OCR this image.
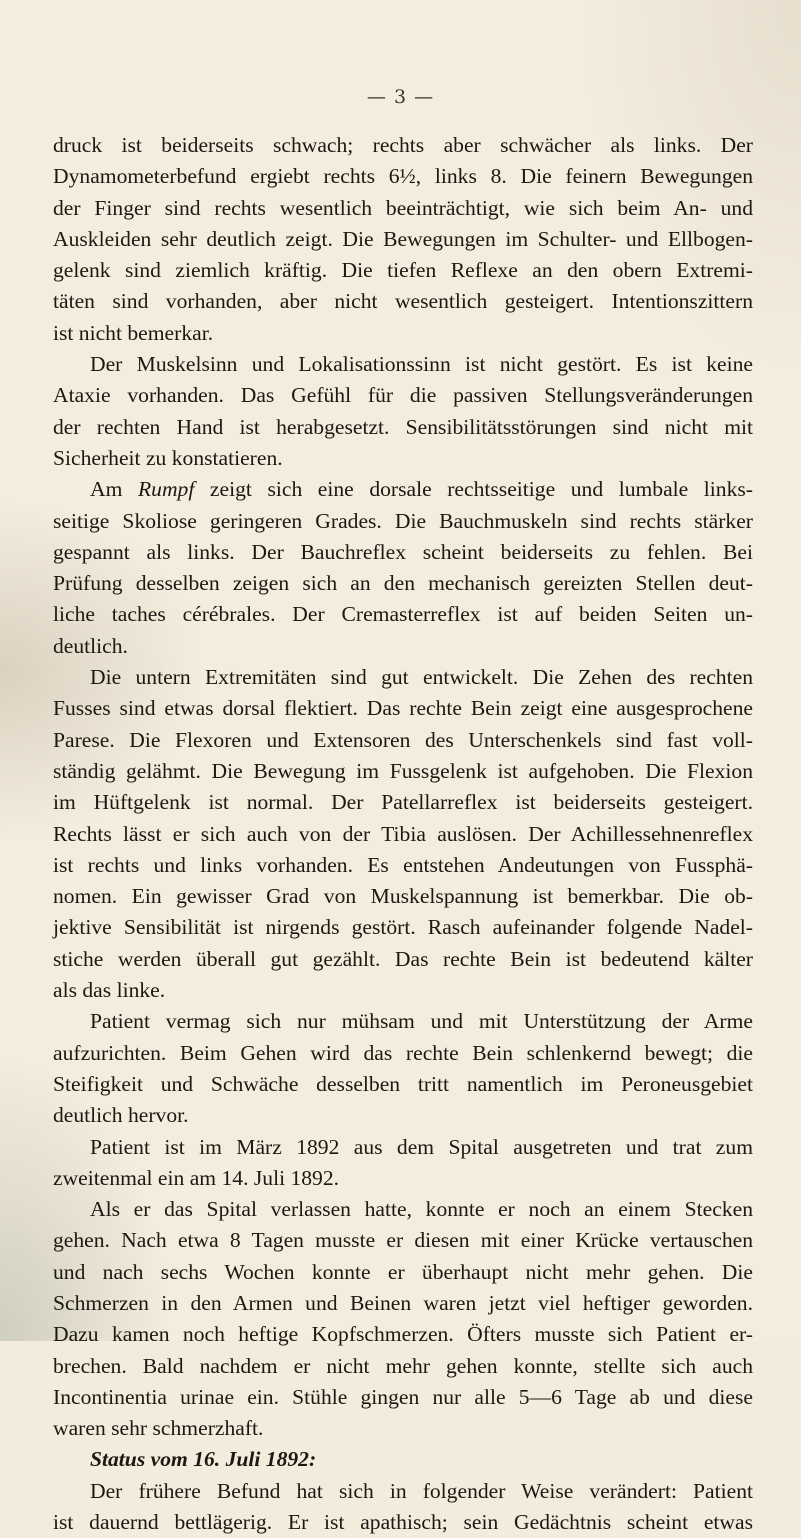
— 3 —

druck ist beiderseits schwach; rechts aber schwächer als links. Der

Dynamometerbefund ergiebt rechts 6½, links 8. Die feinern Bewegungen

der Finger sind rechts wesentlich beeinträchtigt, wie sich beim An- und

Auskleiden sehr deutlich zeigt. Die Bewegungen im Schulter- und Ellbogen-

gelenk sind ziemlich kräftig. Die tiefen Reflexe an den obern Extremi-

täten sind vorhanden, aber nicht wesentlich gesteigert. Intentionszittern

ist nicht bemerkar.

Der Muskelsinn und Lokalisationssinn ist nicht gestört. Es ist keine

Ataxie vorhanden. Das Gefühl für die passiven Stellungsveränderungen

der rechten Hand ist herabgesetzt. Sensibilitätsstörungen sind nicht mit

Sicherheit zu konstatieren.

Am Rumpf zeigt sich eine dorsale rechtsseitige und lumbale links-

seitige Skoliose geringeren Grades. Die Bauchmuskeln sind rechts stärker

gespannt als links. Der Bauchreflex scheint beiderseits zu fehlen. Bei

Prüfung desselben zeigen sich an den mechanisch gereizten Stellen deut-

liche taches cérébrales. Der Cremasterreflex ist auf beiden Seiten un-

deutlich.

Die untern Extremitäten sind gut entwickelt. Die Zehen des rechten

Fusses sind etwas dorsal flektiert. Das rechte Bein zeigt eine ausgesprochene

Parese. Die Flexoren und Extensoren des Unterschenkels sind fast voll-

ständig gelähmt. Die Bewegung im Fussgelenk ist aufgehoben. Die Flexion

im Hüftgelenk ist normal. Der Patellarreflex ist beiderseits gesteigert.

Rechts lässt er sich auch von der Tibia auslösen. Der Achillessehnenreflex

ist rechts und links vorhanden. Es entstehen Andeutungen von Fussphä-

nomen. Ein gewisser Grad von Muskelspannung ist bemerkbar. Die ob-

jektive Sensibilität ist nirgends gestört. Rasch aufeinander folgende Nadel-

stiche werden überall gut gezählt. Das rechte Bein ist bedeutend kälter

als das linke.

Patient vermag sich nur mühsam und mit Unterstützung der Arme

aufzurichten. Beim Gehen wird das rechte Bein schlenkernd bewegt; die

Steifigkeit und Schwäche desselben tritt namentlich im Peroneusgebiet

deutlich hervor.

Patient ist im März 1892 aus dem Spital ausgetreten und trat zum

zweitenmal ein am 14. Juli 1892.

Als er das Spital verlassen hatte, konnte er noch an einem Stecken

gehen. Nach etwa 8 Tagen musste er diesen mit einer Krücke vertauschen

und nach sechs Wochen konnte er überhaupt nicht mehr gehen. Die

Schmerzen in den Armen und Beinen waren jetzt viel heftiger geworden.

Dazu kamen noch heftige Kopfschmerzen. Öfters musste sich Patient er-

brechen. Bald nachdem er nicht mehr gehen konnte, stellte sich auch

Incontinentia urinae ein. Stühle gingen nur alle 5—6 Tage ab und diese

waren sehr schmerzhaft.

Status vom 16. Juli 1892:

Der frühere Befund hat sich in folgender Weise verändert: Patient

ist dauernd bettlägerig. Er ist apathisch; sein Gedächtnis scheint etwas
